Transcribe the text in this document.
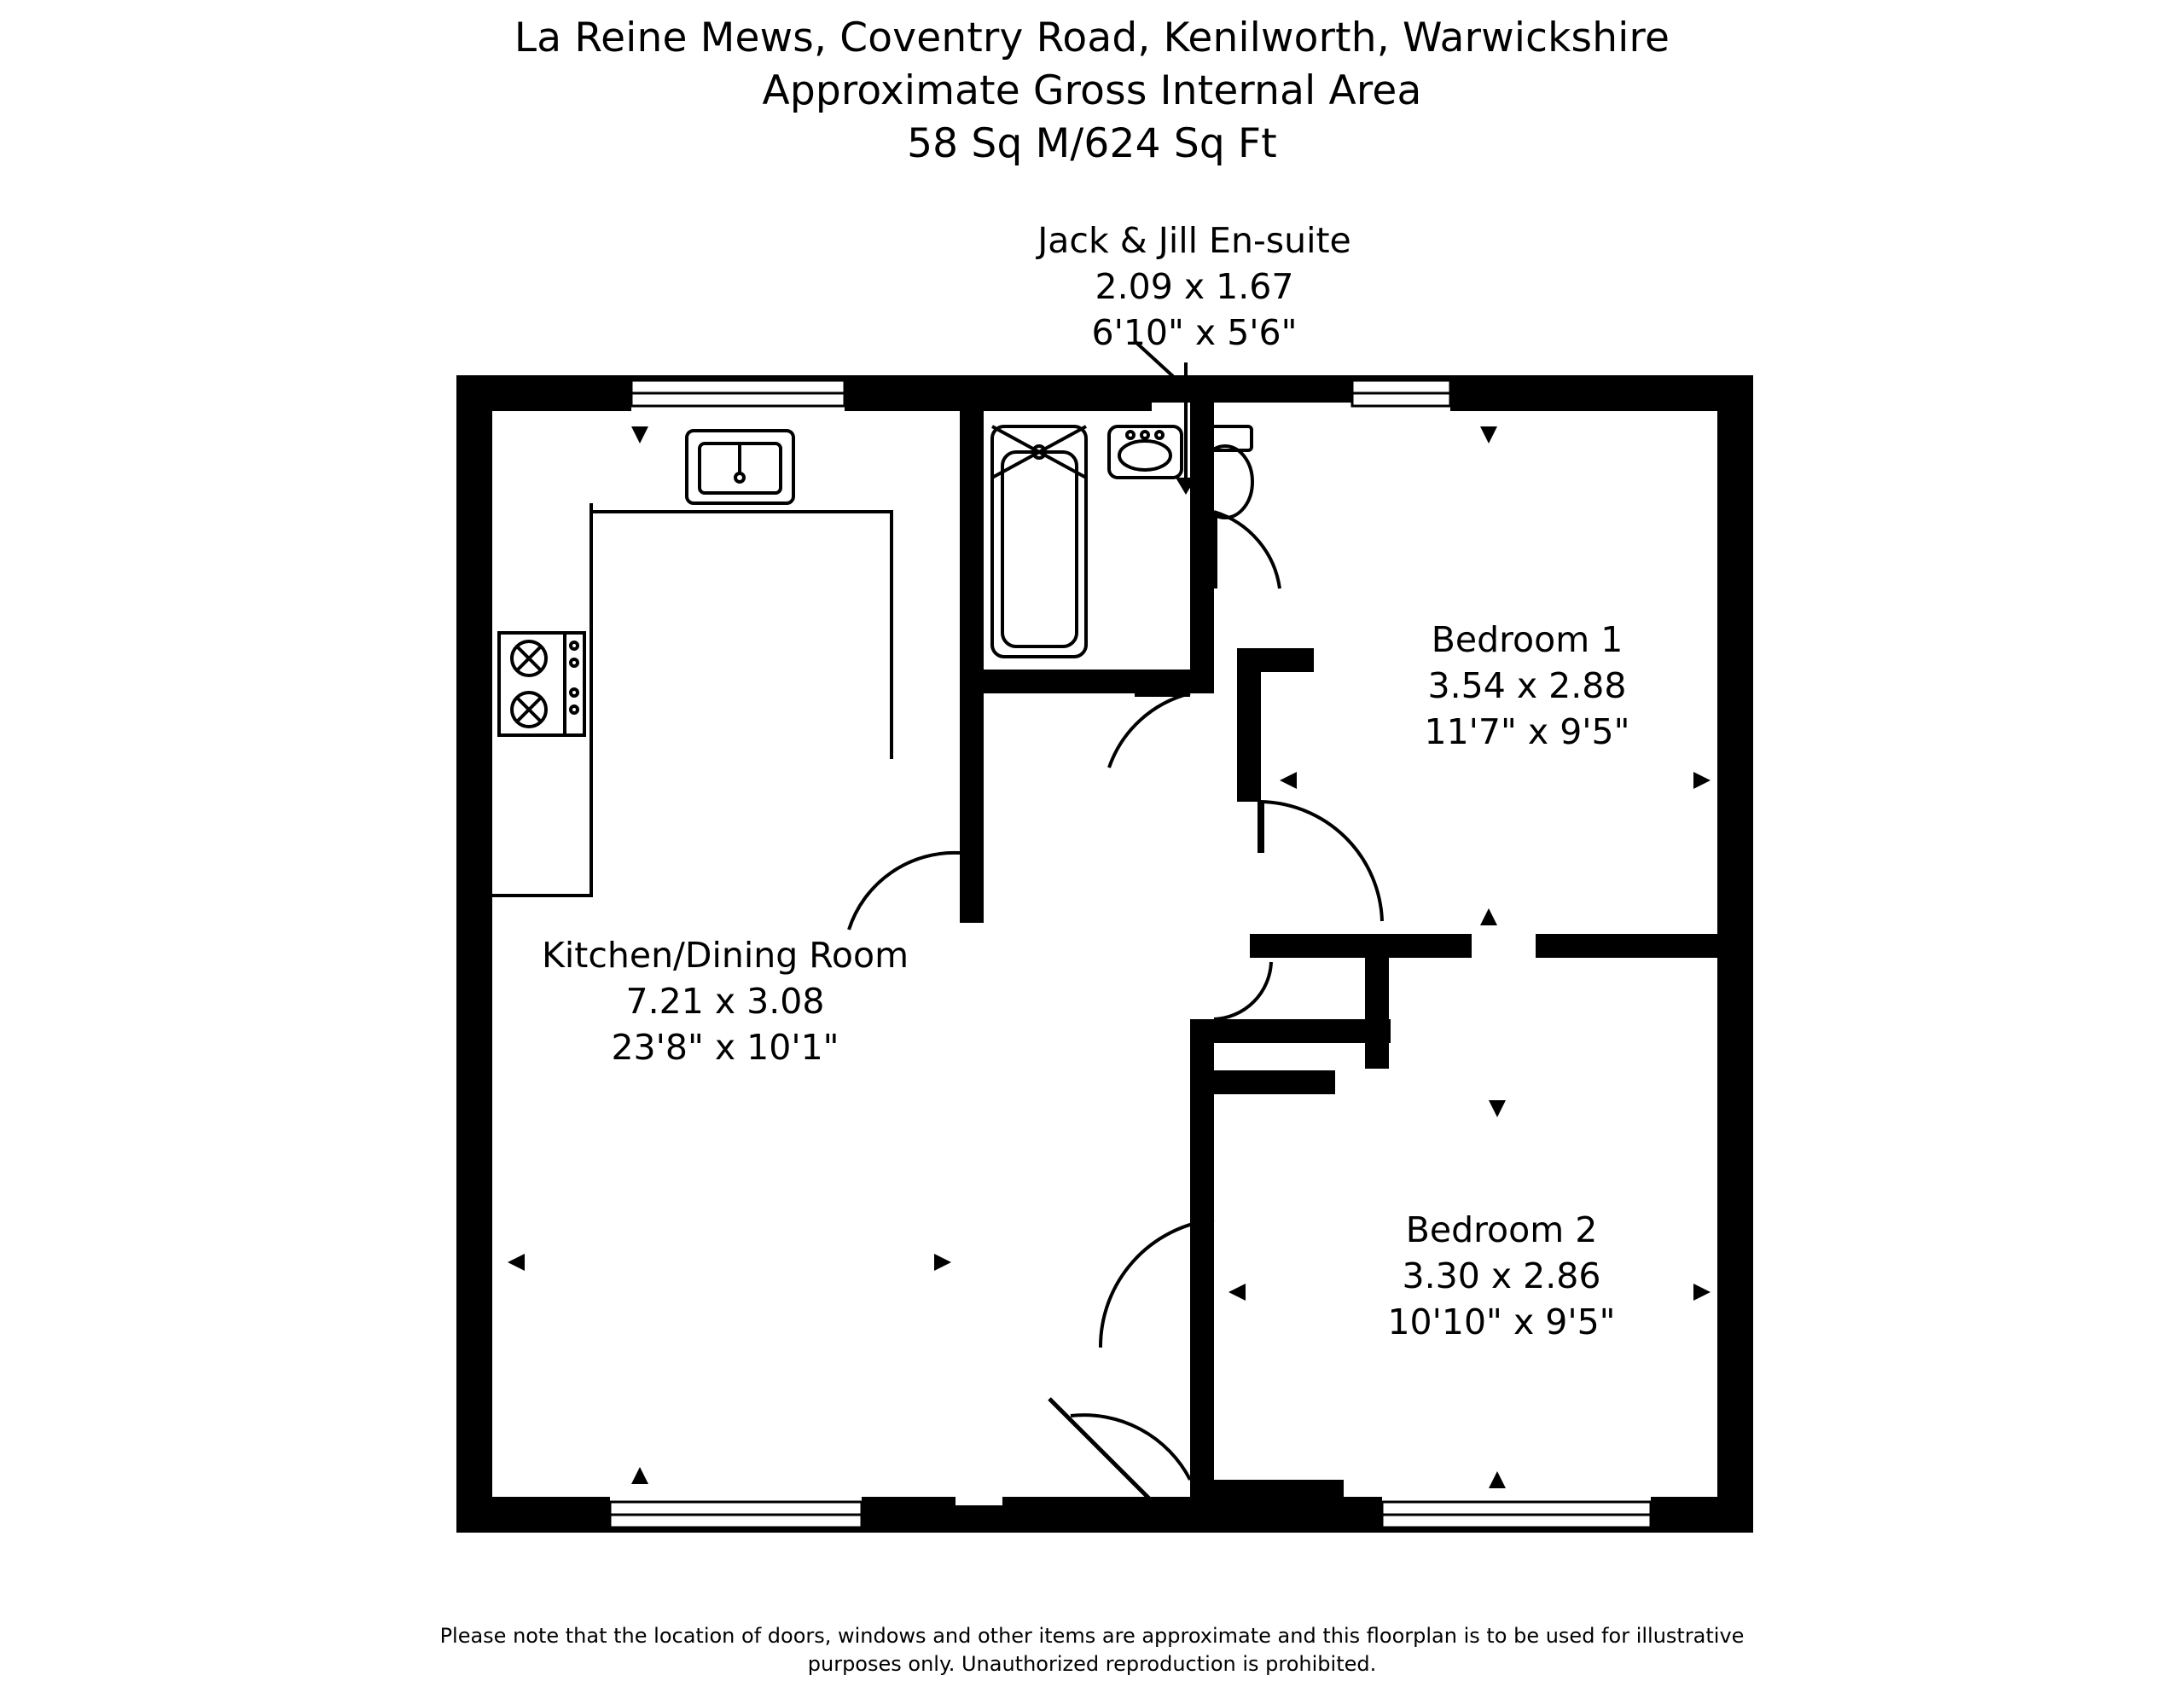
La Reine Mews, Coventry Road, Kenilworth, Warwickshire
Approximate Gross Internal Area
58 Sq M/624 Sq Ft
Jack & Jill En-suite
2.09 x 1.67
6'10" x 5'6"
Bedroom 1
3.54 x 2.88
11'7" x 9'5"
Kitchen/Dining Room
7.21 x 3.08
23'8" x 10'1"
Bedroom 2
3.30 x 2.86
10'10" x 9'5"
Please note that the location of doors, windows and other items are approximate and this floorplan is to be used for illustrative
purposes only. Unauthorized reproduction is prohibited.
